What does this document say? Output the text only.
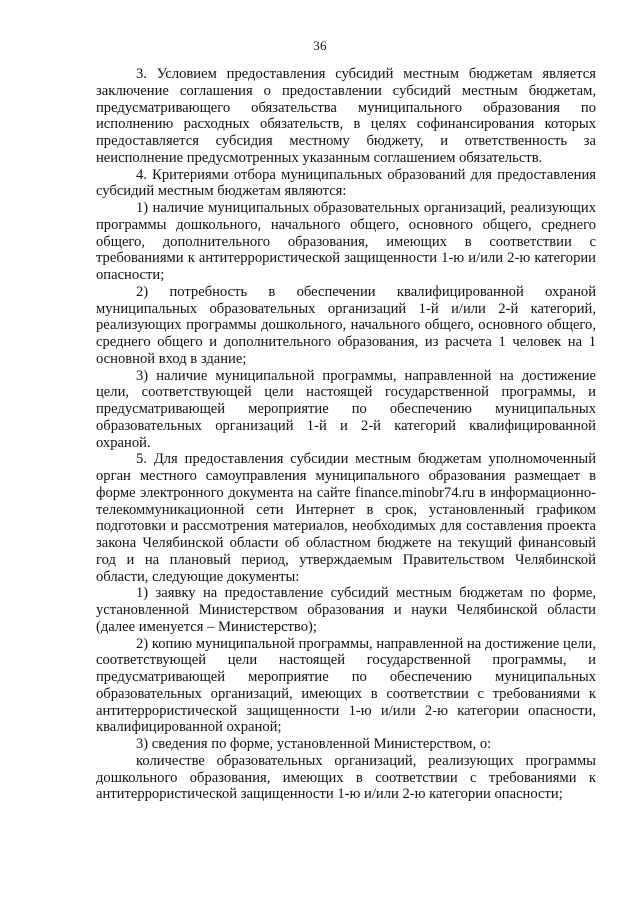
36

3. Условием предоставления субсидий местным бюджетам является заключение соглашения о предоставлении субсидий местным бюджетам, предусматривающего обязательства муниципального образования по исполнению расходных обязательств, в целях софинансирования которых предоставляется субсидия местному бюджету, и ответственность за неисполнение предусмотренных указанным соглашением обязательств.

4. Критериями отбора муниципальных образований для предоставления субсидий местным бюджетам являются:

1) наличие муниципальных образовательных организаций, реализующих программы дошкольного, начального общего, основного общего, среднего общего, дополнительного образования, имеющих в соответствии с требованиями к антитеррористической защищенности 1-ю и/или 2-ю категории опасности;

2) потребность в обеспечении квалифицированной охраной муниципальных образовательных организаций 1-й и/или 2-й категорий, реализующих программы дошкольного, начального общего, основного общего, среднего общего и дополнительного образования, из расчета 1 человек на 1 основной вход в здание;

3) наличие муниципальной программы, направленной на достижение цели, соответствующей цели настоящей государственной программы, и предусматривающей мероприятие по обеспечению муниципальных образовательных организаций 1-й и 2-й категорий квалифицированной охраной.

5. Для предоставления субсидии местным бюджетам уполномоченный орган местного самоуправления муниципального образования размещает в форме электронного документа на сайте finance.minobr74.ru в информационно-телекоммуникационной сети Интернет в срок, установленный графиком подготовки и рассмотрения материалов, необходимых для составления проекта закона Челябинской области об областном бюджете на текущий финансовый год и на плановый период, утверждаемым Правительством Челябинской области, следующие документы:

1) заявку на предоставление субсидий местным бюджетам по форме, установленной Министерством образования и науки Челябинской области (далее именуется – Министерство);

2) копию муниципальной программы, направленной на достижение цели, соответствующей цели настоящей государственной программы, и предусматривающей мероприятие по обеспечению муниципальных образовательных организаций, имеющих в соответствии с требованиями к антитеррористической защищенности 1-ю и/или 2-ю категории опасности, квалифицированной охраной;

3) сведения по форме, установленной Министерством, о:

количестве образовательных организаций, реализующих программы дошкольного образования, имеющих в соответствии с требованиями к антитеррористической защищенности 1-ю и/или 2-ю категории опасности;
